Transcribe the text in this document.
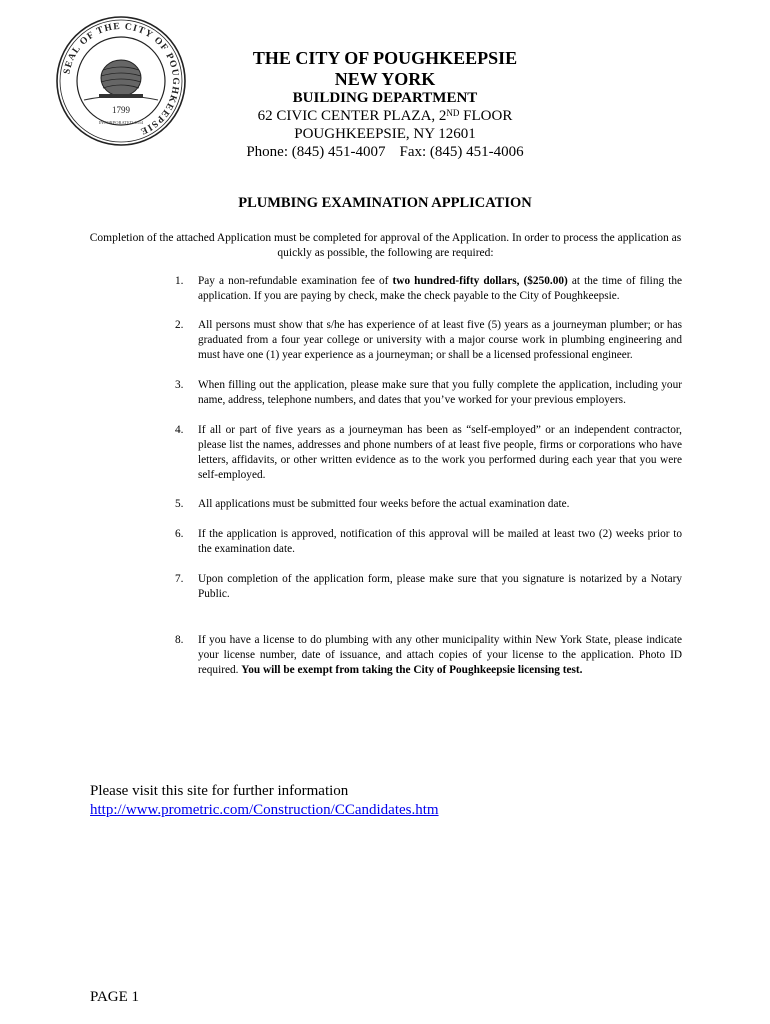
SEAL OF THE CITY OF POUGHKEEPSIE
1799
INCORPORATED 1854
THE CITY OF POUGHKEEPSIE
NEW YORK
BUILDING DEPARTMENT
62 CIVIC CENTER PLAZA, 2ND FLOOR
POUGHKEEPSIE, NY 12601
Phone: (845) 451-4007 Fax: (845) 451-4006
PLUMBING EXAMINATION APPLICATION
Completion of the attached Application must be completed for approval of the Application. In order to process the application as quickly as possible, the following are required:
1. Pay a non-refundable examination fee of two hundred-fifty dollars, ($250.00) at the time of filing the application. If you are paying by check, make the check payable to the City of Poughkeepsie.
2. All persons must show that s/he has experience of at least five (5) years as a journeyman plumber; or has graduated from a four year college or university with a major course work in plumbing engineering and must have one (1) year experience as a journeyman; or shall be a licensed professional engineer.
3. When filling out the application, please make sure that you fully complete the application, including your name, address, telephone numbers, and dates that you’ve worked for your previous employers.
4. If all or part of five years as a journeyman has been as “self-employed” or an independent contractor, please list the names, addresses and phone numbers of at least five people, firms or corporations who have letters, affidavits, or other written evidence as to the work you performed during each year that you were self-employed.
5. All applications must be submitted four weeks before the actual examination date.
6. If the application is approved, notification of this approval will be mailed at least two (2) weeks prior to the examination date.
7. Upon completion of the application form, please make sure that you signature is notarized by a Notary Public.
8. If you have a license to do plumbing with any other municipality within New York State, please indicate your license number, date of issuance, and attach copies of your license to the application. Photo ID required. You will be exempt from taking the City of Poughkeepsie licensing test.
Please visit this site for further information
http://www.prometric.com/Construction/CCandidates.htm
PAGE 1
